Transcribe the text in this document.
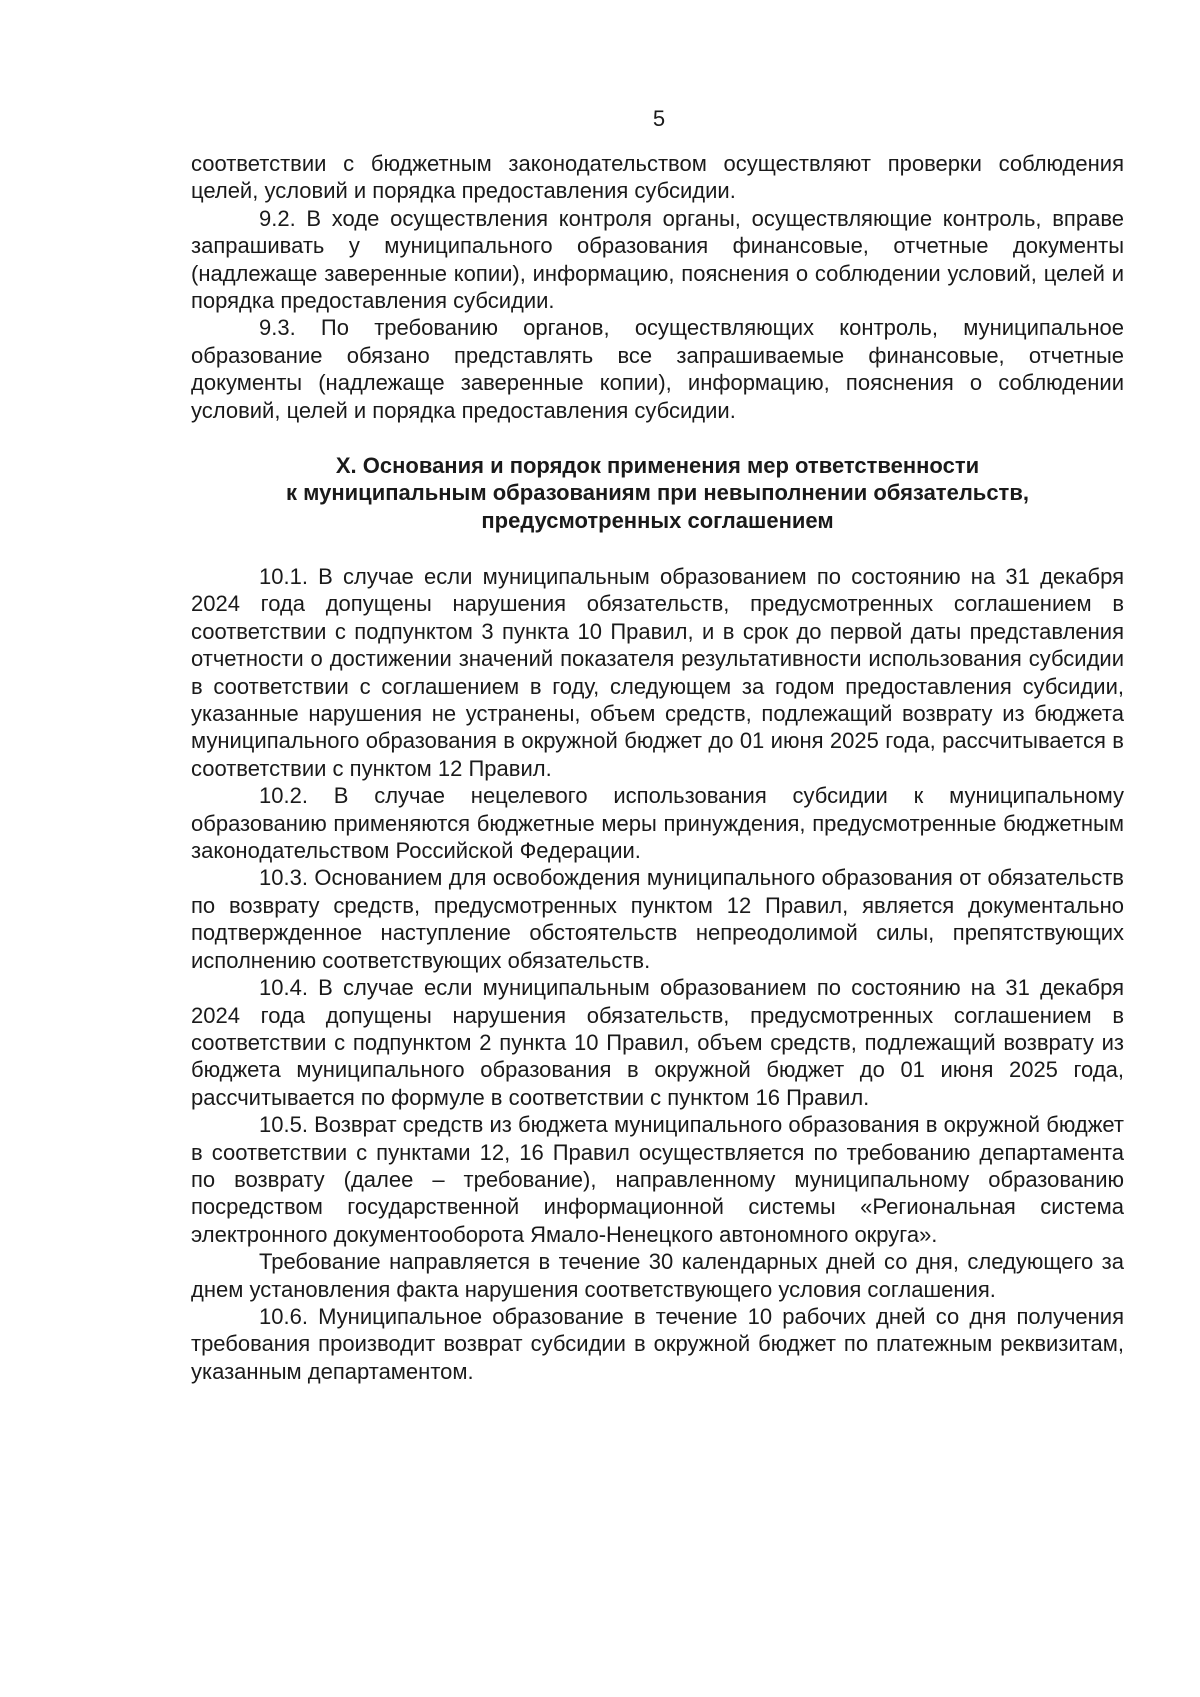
5

соответствии с бюджетным законодательством осуществляют проверки соблюдения целей, условий и порядка предоставления субсидии.

9.2. В ходе осуществления контроля органы, осуществляющие контроль, вправе запрашивать у муниципального образования финансовые, отчетные документы (надлежаще заверенные копии), информацию, пояснения о соблюдении условий, целей и порядка предоставления субсидии.

9.3. По требованию органов, осуществляющих контроль, муниципальное образование обязано представлять все запрашиваемые финансовые, отчетные документы (надлежаще заверенные копии), информацию, пояснения о соблюдении условий, целей и порядка предоставления субсидии.

X. Основания и порядок применения мер ответственности
к муниципальным образованиям при невыполнении обязательств,
предусмотренных соглашением

10.1. В случае если муниципальным образованием по состоянию на 31 декабря 2024 года допущены нарушения обязательств, предусмотренных соглашением в соответствии с подпунктом 3 пункта 10 Правил, и в срок до первой даты представления отчетности о достижении значений показателя результативности использования субсидии в соответствии с соглашением в году, следующем за годом предоставления субсидии, указанные нарушения не устранены, объем средств, подлежащий возврату из бюджета муниципального образования в окружной бюджет до 01 июня 2025 года, рассчитывается в соответствии с пунктом 12 Правил.

10.2. В случае нецелевого использования субсидии к муниципальному образованию применяются бюджетные меры принуждения, предусмотренные бюджетным законодательством Российской Федерации.

10.3. Основанием для освобождения муниципального образования от обязательств по возврату средств, предусмотренных пунктом 12 Правил, является документально подтвержденное наступление обстоятельств непреодолимой силы, препятствующих исполнению соответствующих обязательств.

10.4. В случае если муниципальным образованием по состоянию на 31 декабря 2024 года допущены нарушения обязательств, предусмотренных соглашением в соответствии с подпунктом 2 пункта 10 Правил, объем средств, подлежащий возврату из бюджета муниципального образования в окружной бюджет до 01 июня 2025 года, рассчитывается по формуле в соответствии с пунктом 16 Правил.

10.5. Возврат средств из бюджета муниципального образования в окружной бюджет в соответствии с пунктами 12, 16 Правил осуществляется по требованию департамента по возврату (далее – требование), направленному муниципальному образованию посредством государственной информационной системы «Региональная система электронного документооборота Ямало-Ненецкого автономного округа».

Требование направляется в течение 30 календарных дней со дня, следующего за днем установления факта нарушения соответствующего условия соглашения.

10.6. Муниципальное образование в течение 10 рабочих дней со дня получения требования производит возврат субсидии в окружной бюджет по платежным реквизитам, указанным департаментом.
